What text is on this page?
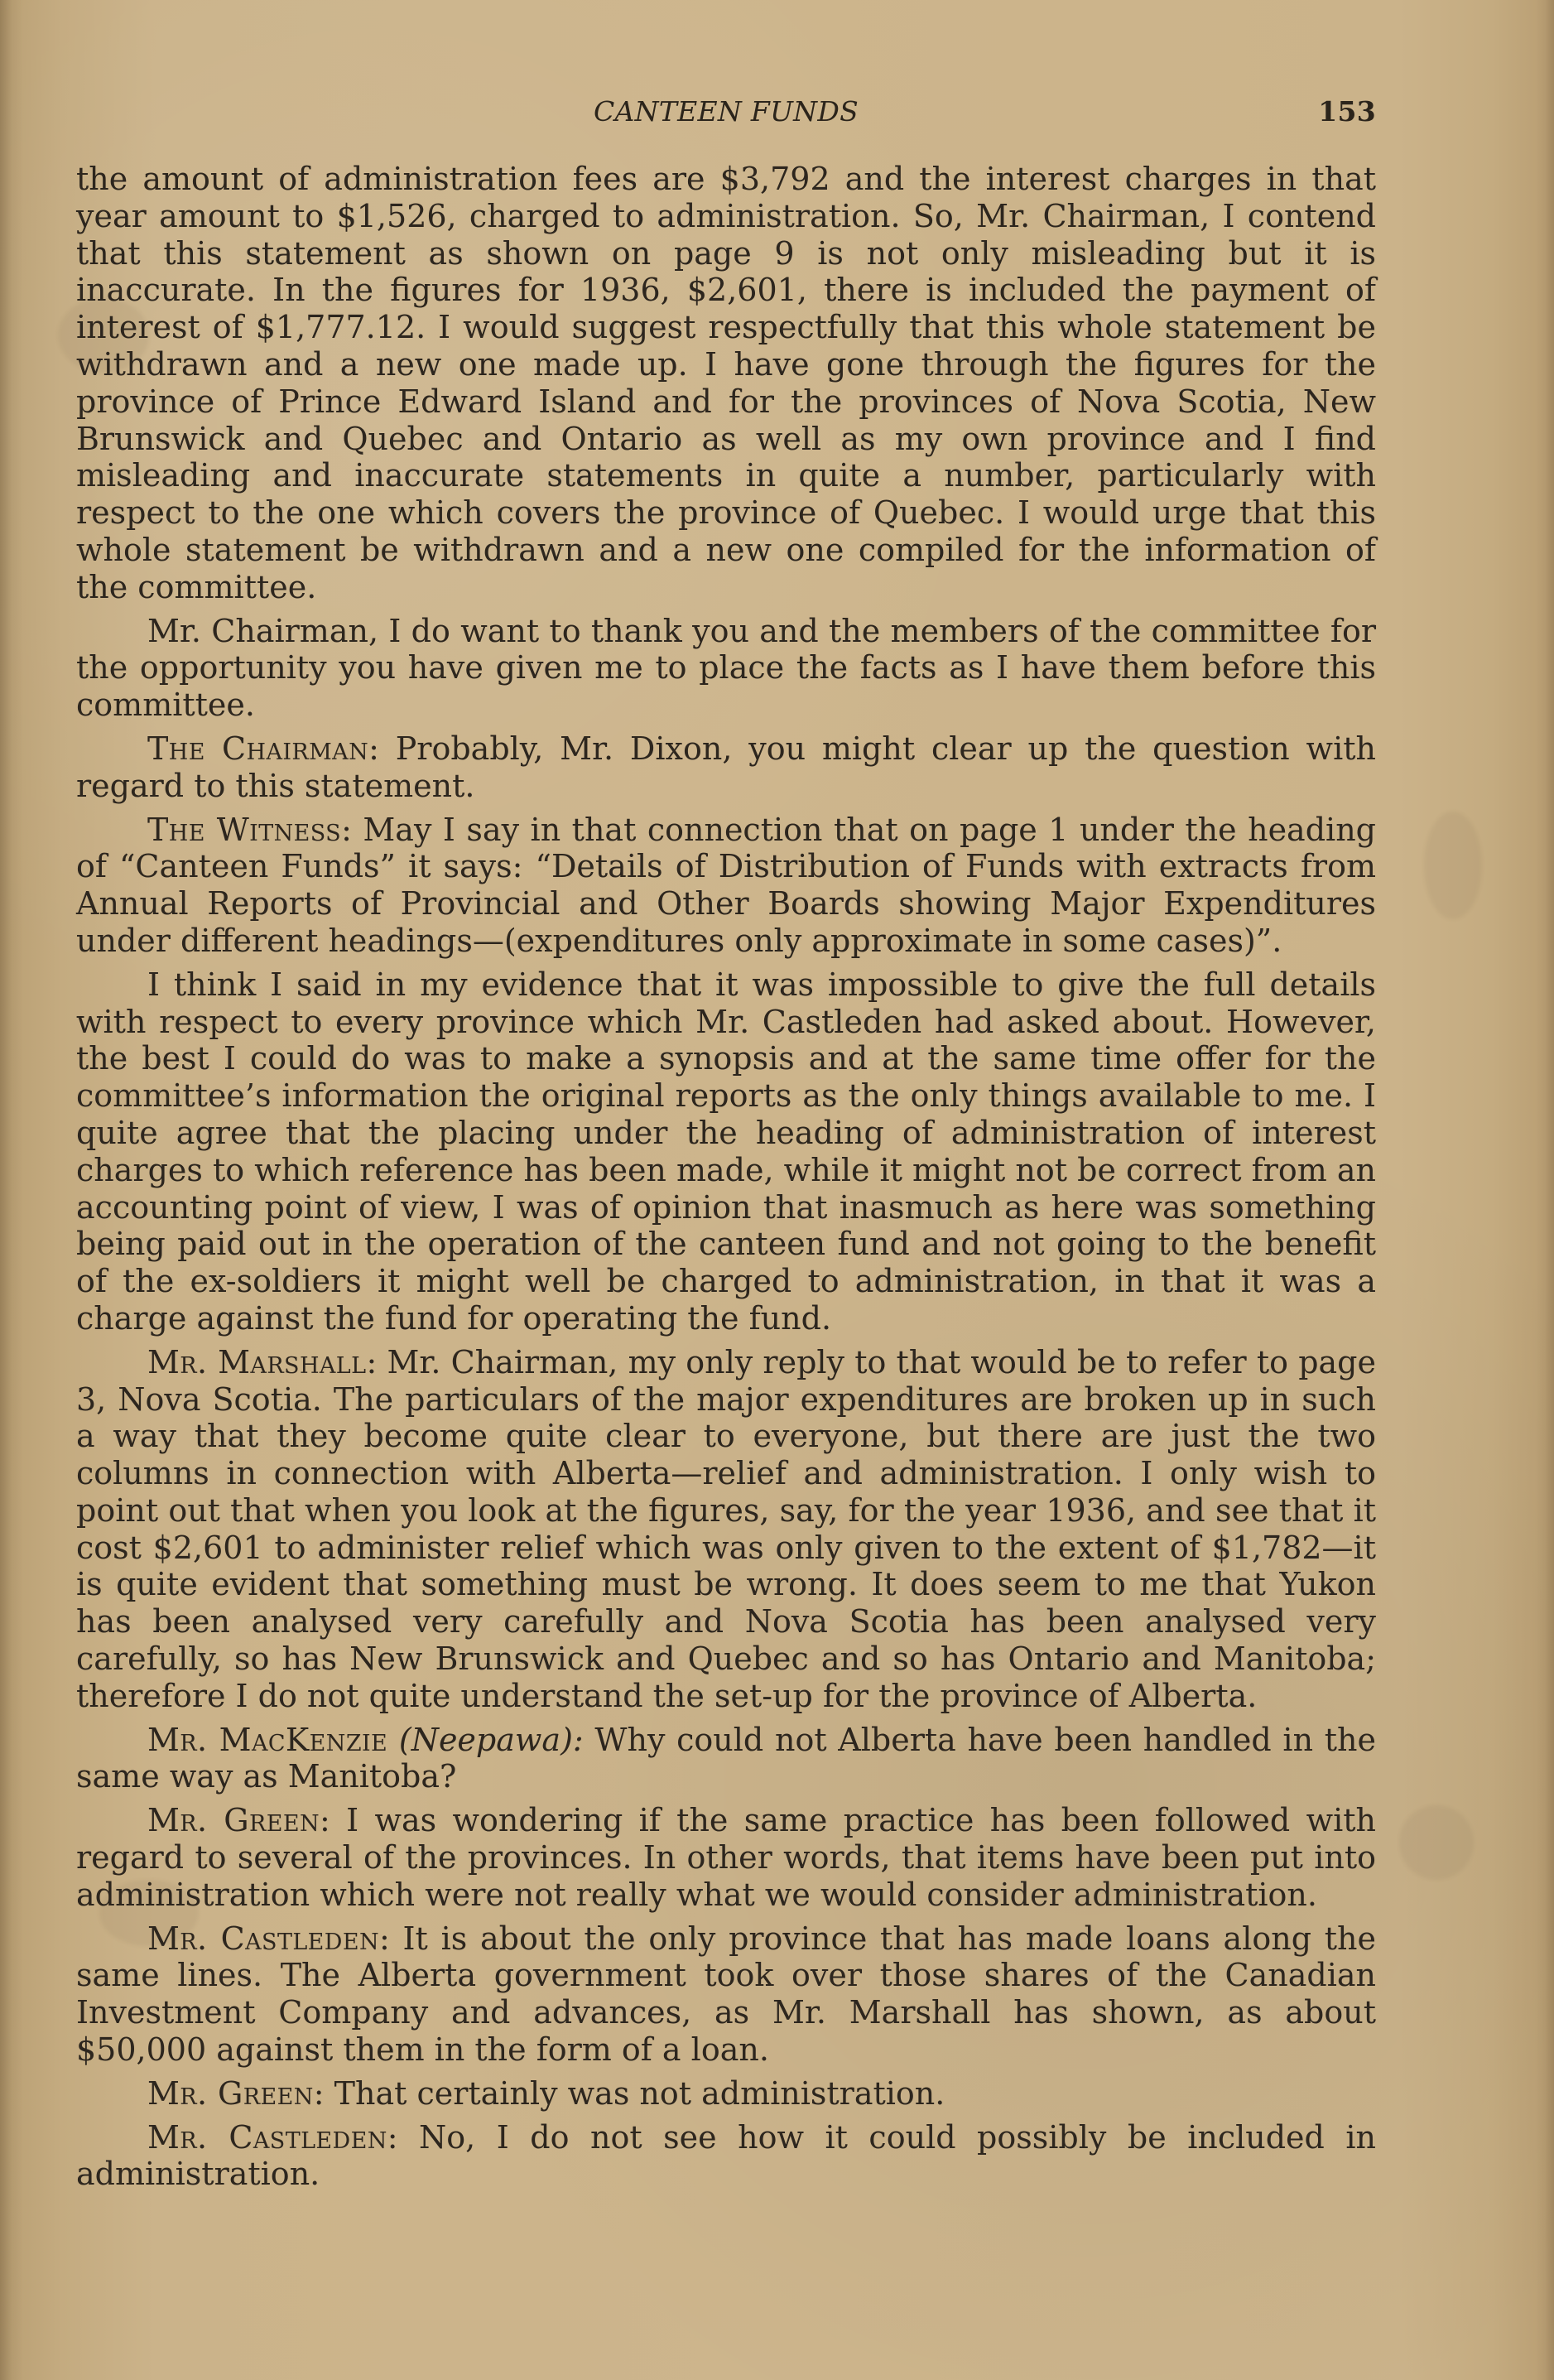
CANTEEN FUNDS	153

the amount of administration fees are $3,792 and the interest charges in that year amount to $1,526, charged to administration. So, Mr. Chairman, I contend that this statement as shown on page 9 is not only misleading but it is inaccurate. In the figures for 1936, $2,601, there is included the payment of interest of $1,777.12. I would suggest respectfully that this whole statement be withdrawn and a new one made up. I have gone through the figures for the province of Prince Edward Island and for the provinces of Nova Scotia, New Brunswick and Quebec and Ontario as well as my own province and I find misleading and inaccurate statements in quite a number, particularly with respect to the one which covers the province of Quebec. I would urge that this whole statement be withdrawn and a new one compiled for the information of the committee.

Mr. Chairman, I do want to thank you and the members of the committee for the opportunity you have given me to place the facts as I have them before this committee.

The Chairman: Probably, Mr. Dixon, you might clear up the question with regard to this statement.

The Witness: May I say in that connection that on page 1 under the heading of “Canteen Funds” it says: “Details of Distribution of Funds with extracts from Annual Reports of Provincial and Other Boards showing Major Expenditures under different headings—(expenditures only approximate in some cases)”.

I think I said in my evidence that it was impossible to give the full details with respect to every province which Mr. Castleden had asked about. However, the best I could do was to make a synopsis and at the same time offer for the committee’s information the original reports as the only things available to me. I quite agree that the placing under the heading of administration of interest charges to which reference has been made, while it might not be correct from an accounting point of view, I was of opinion that inasmuch as here was something being paid out in the operation of the canteen fund and not going to the benefit of the ex-soldiers it might well be charged to administration, in that it was a charge against the fund for operating the fund.

Mr. Marshall: Mr. Chairman, my only reply to that would be to refer to page 3, Nova Scotia. The particulars of the major expenditures are broken up in such a way that they become quite clear to everyone, but there are just the two columns in connection with Alberta—relief and administration. I only wish to point out that when you look at the figures, say, for the year 1936, and see that it cost $2,601 to administer relief which was only given to the extent of $1,782—it is quite evident that something must be wrong. It does seem to me that Yukon has been analysed very carefully and Nova Scotia has been analysed very carefully, so has New Brunswick and Quebec and so has Ontario and Manitoba; therefore I do not quite understand the set-up for the province of Alberta.

Mr. MacKenzie (Neepawa): Why could not Alberta have been handled in the same way as Manitoba?

Mr. Green: I was wondering if the same practice has been followed with regard to several of the provinces. In other words, that items have been put into administration which were not really what we would consider administration.

Mr. Castleden: It is about the only province that has made loans along the same lines. The Alberta government took over those shares of the Canadian Investment Company and advances, as Mr. Marshall has shown, as about $50,000 against them in the form of a loan.

Mr. Green: That certainly was not administration.

Mr. Castleden: No, I do not see how it could possibly be included in administration.
